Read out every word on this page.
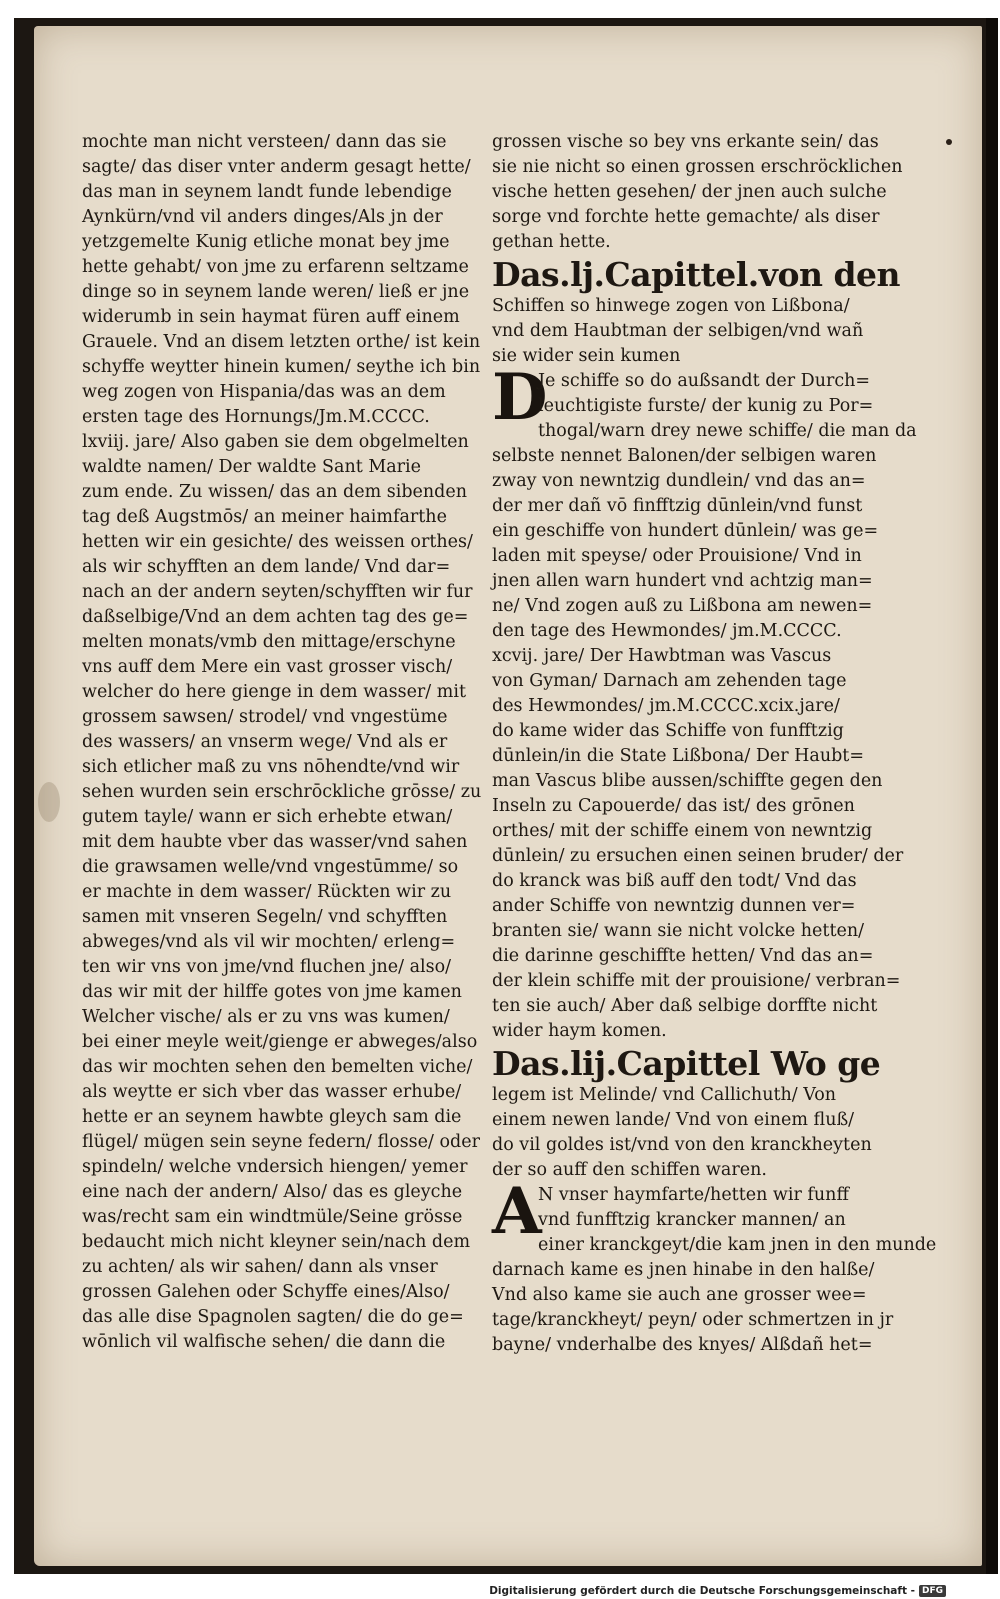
mochte man nicht versteen/ dann das sie
sagte/ das diser vnter anderm gesagt hette/
das man in seynem landt funde lebendige
Aynkürn/vnd vil anders dinges/Als jn der
yetzgemelte Kunig etliche monat bey jme
hette gehabt/ von jme zu erfarenn seltzame
dinge so in seynem lande weren/ ließ er jne
widerumb in sein haymat füren auff einem
Grauele. Vnd an disem letzten orthe/ ist kein
schyffe weytter hinein kumen/ seythe ich bin
weg zogen von Hispania/das was an dem
ersten tage des Hornungs/Jm.M.CCCC.
lxviij. jare/ Also gaben sie dem obgelmelten
waldte namen/ Der waldte Sant Marie
zum ende. Zu wissen/ das an dem sibenden
tag deß Augstmōs/ an meiner haimfarthe
hetten wir ein gesichte/ des weissen orthes/
als wir schyfften an dem lande/ Vnd dar=
nach an der andern seyten/schyfften wir fur
daßselbige/Vnd an dem achten tag des ge=
melten monats/vmb den mittage/erschyne
vns auff dem Mere ein vast grosser visch/
welcher do here gienge in dem wasser/ mit
grossem sawsen/ strodel/ vnd vngestüme
des wassers/ an vnserm wege/ Vnd als er
sich etlicher maß zu vns nōhendte/vnd wir
sehen wurden sein erschrōckliche grōsse/ zu
gutem tayle/ wann er sich erhebte etwan/
mit dem haubte vber das wasser/vnd sahen
die grawsamen welle/vnd vngestūmme/ so
er machte in dem wasser/ Rückten wir zu
samen mit vnseren Segeln/ vnd schyfften
abweges/vnd als vil wir mochten/ erleng=
ten wir vns von jme/vnd fluchen jne/ also/
das wir mit der hilffe gotes von jme kamen
Welcher vische/ als er zu vns was kumen/
bei einer meyle weit/gienge er abweges/also
das wir mochten sehen den bemelten viche/
als weytte er sich vber das wasser erhube/
hette er an seynem hawbte gleych sam die
flügel/ mügen sein seyne federn/ flosse/ oder
spindeln/ welche vndersich hiengen/ yemer
eine nach der andern/ Also/ das es gleyche
was/recht sam ein windtmüle/Seine grösse
bedaucht mich nicht kleyner sein/nach dem
zu achten/ als wir sahen/ dann als vnser
grossen Galehen oder Schyffe eines/Also/
das alle dise Spagnolen sagten/ die do ge=
wōnlich vil walfische sehen/ die dann die
grossen vische so bey vns erkante sein/ das
sie nie nicht so einen grossen erschröcklichen
vische hetten gesehen/ der jnen auch sulche
sorge vnd forchte hette gemachte/ als diser
gethan hette.
Das.lj.Capittel.von den
Schiffen so hinwege zogen von Lißbona/
vnd dem Haubtman der selbigen/vnd wañ
sie wider sein kumen
D
Je schiffe so do außsandt der Durch=
leuchtigiste furste/ der kunig zu Por=
thogal/warn drey newe schiffe/ die man da
selbste nennet Balonen/der selbigen waren
zway von newntzig dundlein/ vnd das an=
der mer dañ vō finfftzig dūnlein/vnd funst
ein geschiffe von hundert dūnlein/ was ge=
laden mit speyse/ oder Prouisione/ Vnd in
jnen allen warn hundert vnd achtzig man=
ne/ Vnd zogen auß zu Lißbona am newen=
den tage des Hewmondes/ jm.M.CCCC.
xcvij. jare/ Der Hawbtman was Vascus
von Gyman/ Darnach am zehenden tage
des Hewmondes/ jm.M.CCCC.xcix.jare/
do kame wider das Schiffe von funfftzig
dūnlein/in die State Lißbona/ Der Haubt=
man Vascus blibe aussen/schiffte gegen den
Inseln zu Capouerde/ das ist/ des grōnen
orthes/ mit der schiffe einem von newntzig
dūnlein/ zu ersuchen einen seinen bruder/ der
do kranck was biß auff den todt/ Vnd das
ander Schiffe von newntzig dunnen ver=
branten sie/ wann sie nicht volcke hetten/
die darinne geschiffte hetten/ Vnd das an=
der klein schiffe mit der prouisione/ verbran=
ten sie auch/ Aber daß selbige dorffte nicht
wider haym komen.
Das.lij.Capittel Wo ge
legem ist Melinde/ vnd Callichuth/ Von
einem newen lande/ Vnd von einem fluß/
do vil goldes ist/vnd von den kranckheyten
der so auff den schiffen waren.
A
N vnser haymfarte/hetten wir funff
vnd funfftzig krancker mannen/ an
einer kranckgeyt/die kam jnen in den munde
darnach kame es jnen hinabe in den halße/
Vnd also kame sie auch ane grosser wee=
tage/kranckheyt/ peyn/ oder schmertzen in jr
bayne/ vnderhalbe des knyes/ Alßdañ het=
Digitalisierung gefördert durch die Deutsche Forschungsgemeinschaft - DFG
